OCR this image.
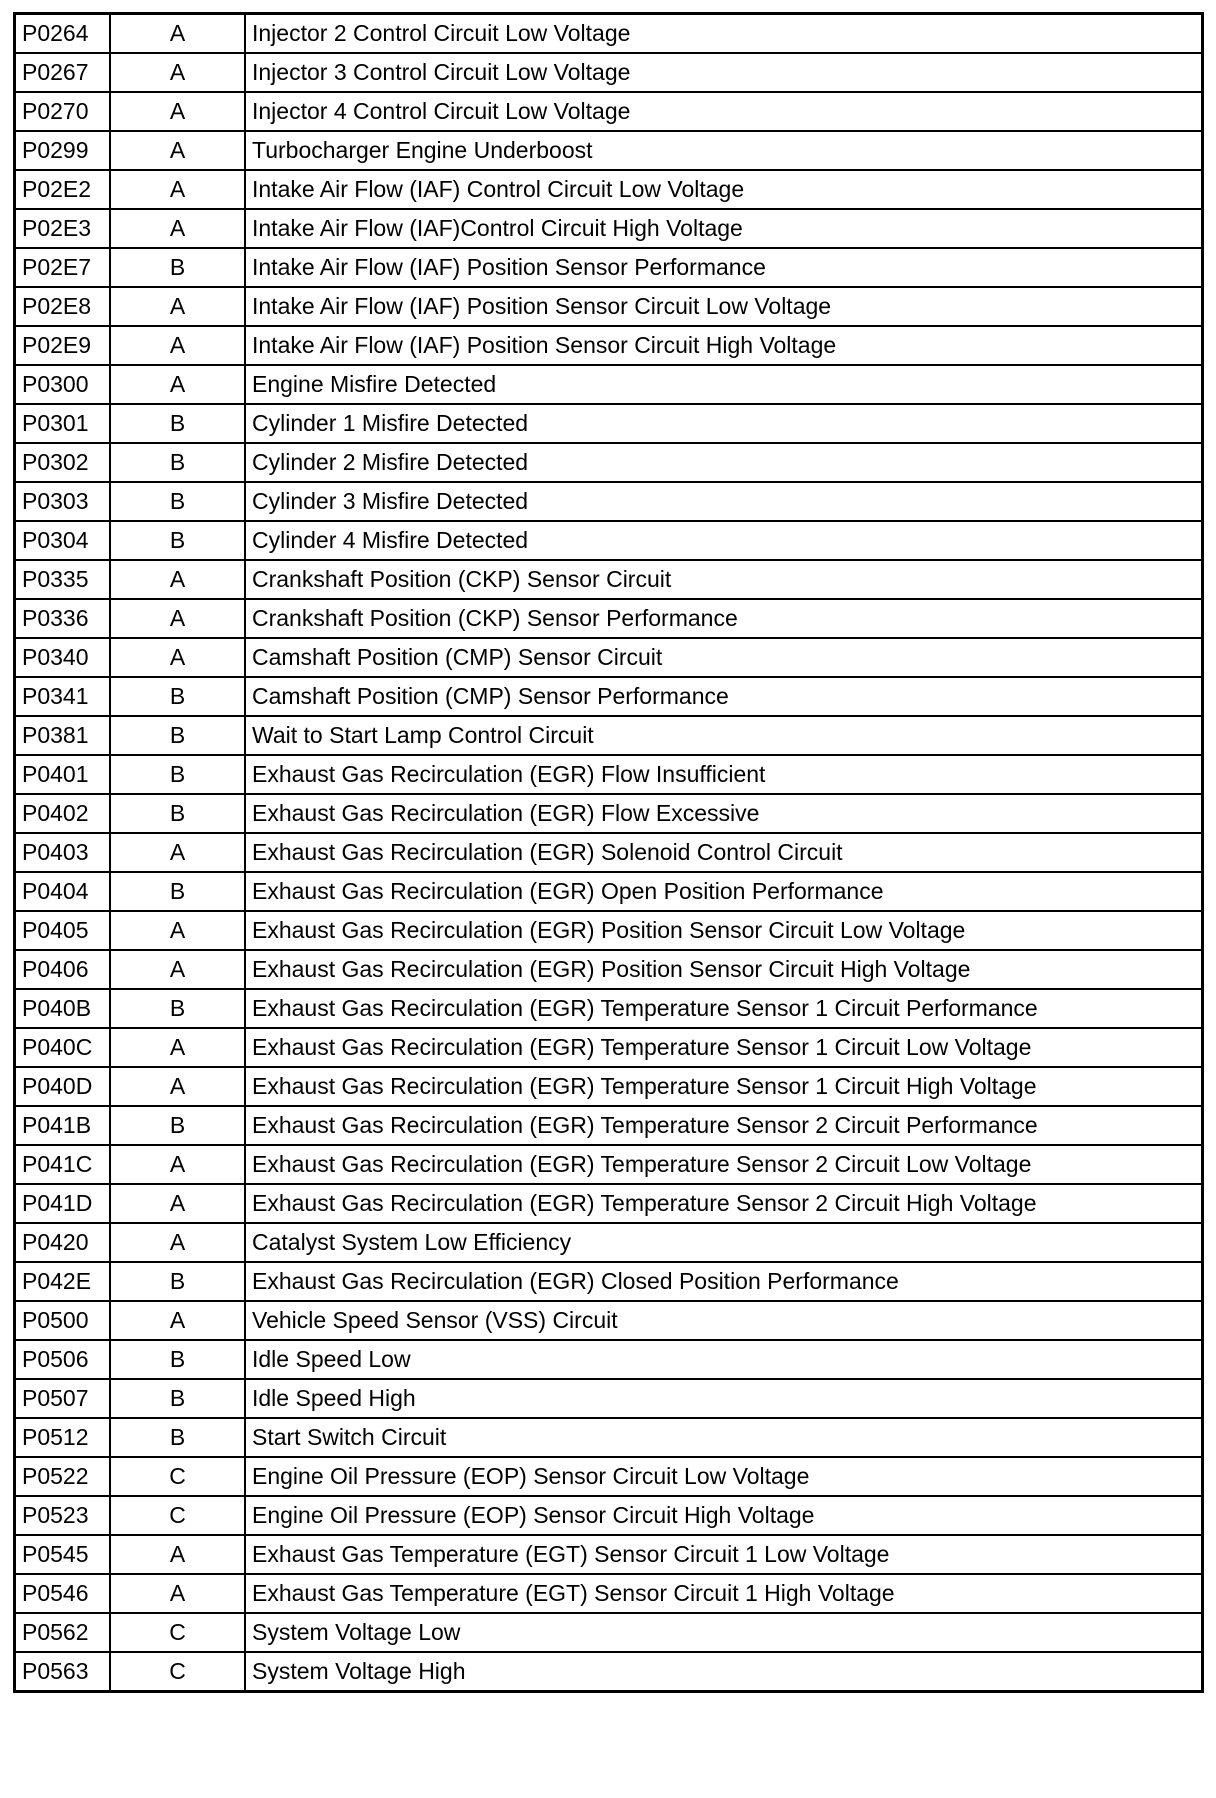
P0264	A	Injector 2 Control Circuit Low Voltage
P0267	A	Injector 3 Control Circuit Low Voltage
P0270	A	Injector 4 Control Circuit Low Voltage
P0299	A	Turbocharger Engine Underboost
P02E2	A	Intake Air Flow (IAF) Control Circuit Low Voltage
P02E3	A	Intake Air Flow (IAF)Control Circuit High Voltage
P02E7	B	Intake Air Flow (IAF) Position Sensor Performance
P02E8	A	Intake Air Flow (IAF) Position Sensor Circuit Low Voltage
P02E9	A	Intake Air Flow (IAF) Position Sensor Circuit High Voltage
P0300	A	Engine Misfire Detected
P0301	B	Cylinder 1 Misfire Detected
P0302	B	Cylinder 2 Misfire Detected
P0303	B	Cylinder 3 Misfire Detected
P0304	B	Cylinder 4 Misfire Detected
P0335	A	Crankshaft Position (CKP) Sensor Circuit
P0336	A	Crankshaft Position (CKP) Sensor Performance
P0340	A	Camshaft Position (CMP) Sensor Circuit
P0341	B	Camshaft Position (CMP) Sensor Performance
P0381	B	Wait to Start Lamp Control Circuit
P0401	B	Exhaust Gas Recirculation (EGR) Flow Insufficient
P0402	B	Exhaust Gas Recirculation (EGR) Flow Excessive
P0403	A	Exhaust Gas Recirculation (EGR) Solenoid Control Circuit
P0404	B	Exhaust Gas Recirculation (EGR) Open Position Performance
P0405	A	Exhaust Gas Recirculation (EGR) Position Sensor Circuit Low Voltage
P0406	A	Exhaust Gas Recirculation (EGR) Position Sensor Circuit High Voltage
P040B	B	Exhaust Gas Recirculation (EGR) Temperature Sensor 1 Circuit Performance
P040C	A	Exhaust Gas Recirculation (EGR) Temperature Sensor 1 Circuit Low Voltage
P040D	A	Exhaust Gas Recirculation (EGR) Temperature Sensor 1 Circuit High Voltage
P041B	B	Exhaust Gas Recirculation (EGR) Temperature Sensor 2 Circuit Performance
P041C	A	Exhaust Gas Recirculation (EGR) Temperature Sensor 2 Circuit Low Voltage
P041D	A	Exhaust Gas Recirculation (EGR) Temperature Sensor 2 Circuit High Voltage
P0420	A	Catalyst System Low Efficiency
P042E	B	Exhaust Gas Recirculation (EGR) Closed Position Performance
P0500	A	Vehicle Speed Sensor (VSS) Circuit
P0506	B	Idle Speed Low
P0507	B	Idle Speed High
P0512	B	Start Switch Circuit
P0522	C	Engine Oil Pressure (EOP) Sensor Circuit Low Voltage
P0523	C	Engine Oil Pressure (EOP) Sensor Circuit High Voltage
P0545	A	Exhaust Gas Temperature (EGT) Sensor Circuit 1 Low Voltage
P0546	A	Exhaust Gas Temperature (EGT) Sensor Circuit 1 High Voltage
P0562	C	System Voltage Low
P0563	C	System Voltage High
